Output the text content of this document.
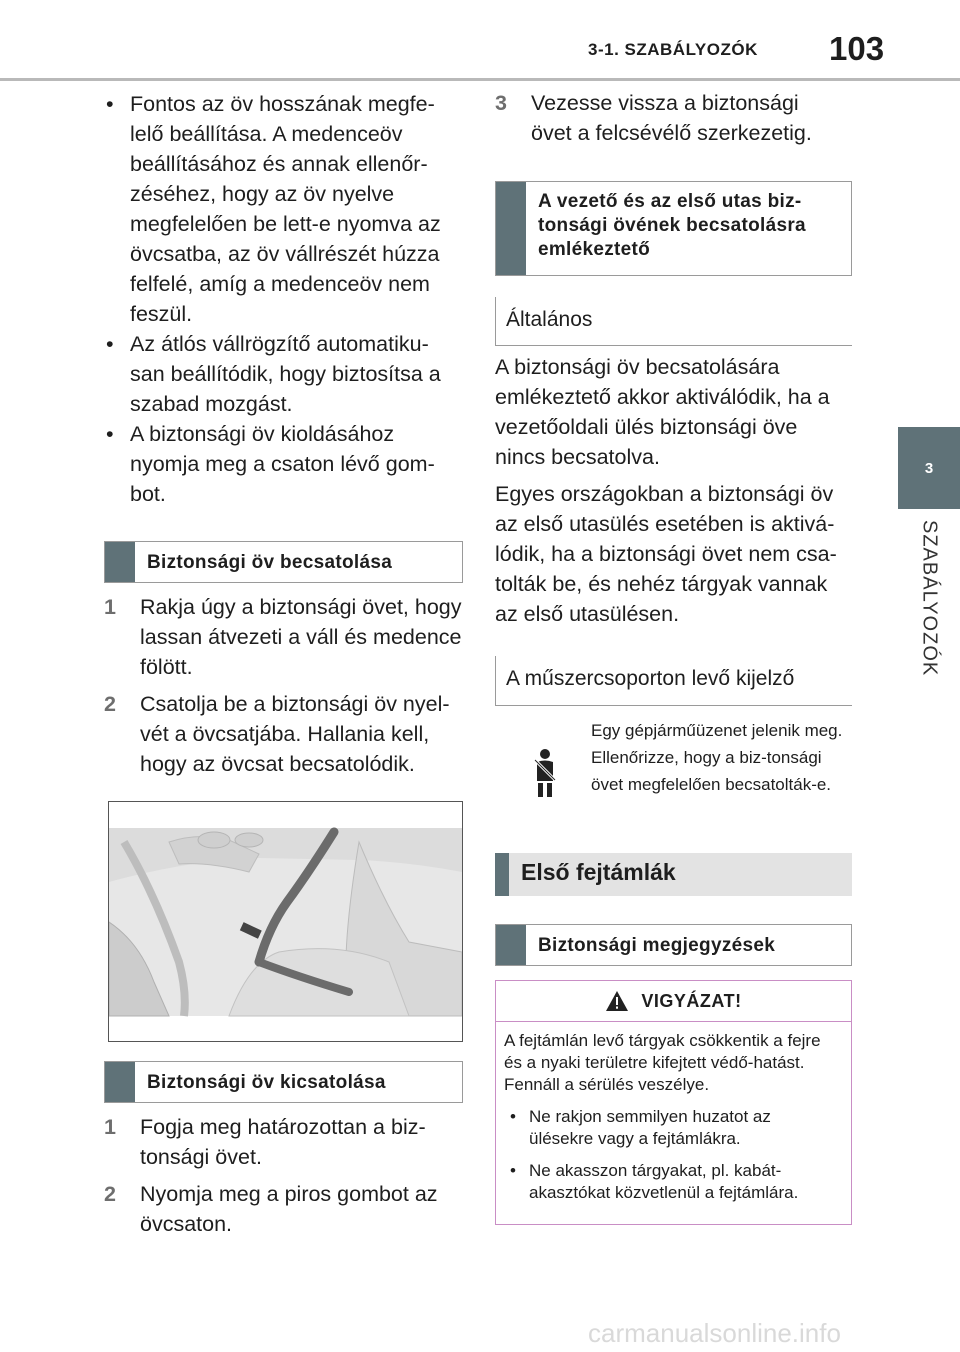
3-1. SZABÁLYOZÓK 103
3
SZABÁLYOZÓK
• Fontos az öv hosszának megfe-lelő beállítása. A medenceöv beállításához és annak ellenőr-zéséhez, hogy az öv nyelve megfelelően be lett-e nyomva az övcsatba, az öv vállrészét húzza felfelé, amíg a medenceöv nem feszül.
• Az átlós vállrögzítő automatiku-san beállítódik, hogy biztosítsa a szabad mozgást.
• A biztonsági öv kioldásához nyomja meg a csaton lévő gom-bot.
Biztonsági öv becsatolása
1 Rakja úgy a biztonsági övet, hogy lassan átvezeti a váll és medence fölött.
2 Csatolja be a biztonsági öv nyel-vét a övcsatjába. Hallania kell, hogy az övcsat becsatolódik.
Biztonsági öv kicsatolása
1 Fogja meg határozottan a biz-tonsági övet.
2 Nyomja meg a piros gombot az övcsaton.
3 Vezesse vissza a biztonsági övet a felcsévélő szerkezetig.
A vezető és az első utas biz-tonsági övének becsatolásra emlékeztető
Általános

A biztonsági öv becsatolására emlékeztető akkor aktiválódik, ha a vezetőoldali ülés biztonsági öve nincs becsatolva.

Egyes országokban a biztonsági öv az első utasülés esetében is aktivá-lódik, ha a biztonsági övet nem csa-tolták be, és nehéz tárgyak vannak az első utasülésen.

A műszercsoporton levő kijelző
Egy gépjárműüzenet jelenik meg. Ellenőrizze, hogy a biz-tonsági övet megfelelően becsatolták-e.
Első fejtámlák
Biztonsági megjegyzések
VIGYÁZAT!

A fejtámlán levő tárgyak csökkentik a fejre és a nyaki területre kifejtett védő-hatást. Fennáll a sérülés veszélye.

• Ne rakjon semmilyen huzatot az ülésekre vagy a fejtámlákra.
• Ne akasszon tárgyakat, pl. kabát-akasztókat közvetlenül a fejtámlára.
carmanualsonline.info
